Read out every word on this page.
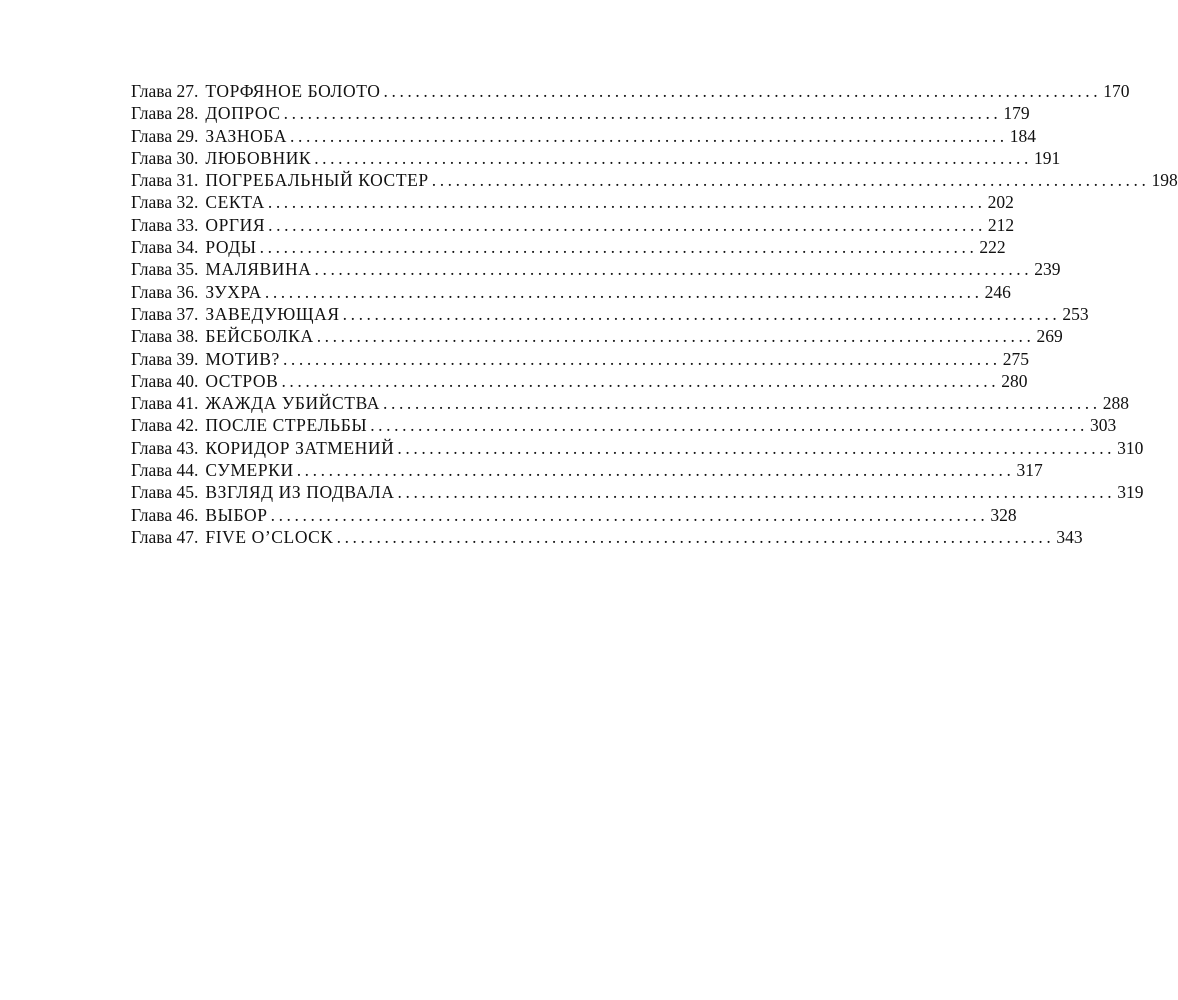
Глава 27. ТОРФЯНОЕ БОЛОТО .......................................................................................... 170
Глава 28. ДОПРОС .......................................................................................... 179
Глава 29. ЗАЗНОБА .......................................................................................... 184
Глава 30. ЛЮБОВНИК .......................................................................................... 191
Глава 31. ПОГРЕБАЛЬНЫЙ КОСТЕР .......................................................................................... 198
Глава 32. СЕКТА .......................................................................................... 202
Глава 33. ОРГИЯ .......................................................................................... 212
Глава 34. РОДЫ .......................................................................................... 222
Глава 35. МАЛЯВИНА .......................................................................................... 239
Глава 36. ЗУХРА .......................................................................................... 246
Глава 37. ЗАВЕДУЮЩАЯ .......................................................................................... 253
Глава 38. БЕЙСБОЛКА .......................................................................................... 269
Глава 39. МОТИВ? .......................................................................................... 275
Глава 40. ОСТРОВ .......................................................................................... 280
Глава 41. ЖАЖДА УБИЙСТВА .......................................................................................... 288
Глава 42. ПОСЛЕ СТРЕЛЬБЫ .......................................................................................... 303
Глава 43. КОРИДОР ЗАТМЕНИЙ .......................................................................................... 310
Глава 44. СУМЕРКИ .......................................................................................... 317
Глава 45. ВЗГЛЯД ИЗ ПОДВАЛА .......................................................................................... 319
Глава 46. ВЫБОР .......................................................................................... 328
Глава 47. FIVE O’CLOCK .......................................................................................... 343
